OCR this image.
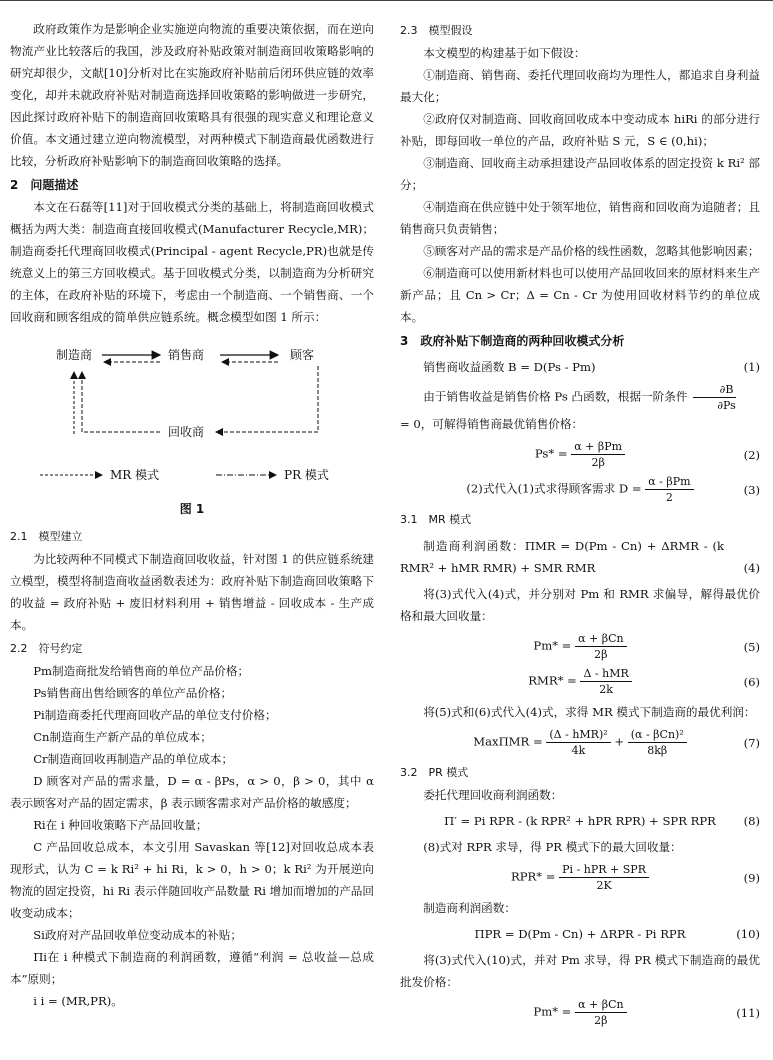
政府政策作为是影响企业实施逆向物流的重要决策依据，而在逆向物流产业比较落后的我国，涉及政府补贴政策对制造商回收策略影响的研究却很少，文献[10]分析对比在实施政府补贴前后闭环供应链的效率变化，却并未就政府补贴对制造商选择回收策略的影响做进一步研究，因此探讨政府补贴下的制造商回收策略具有很强的现实意义和理论意义价值。本文通过建立逆向物流模型，对两种模式下制造商最优函数进行比较，分析政府补贴影响下的制造商回收策略的选择。

2　问题描述

本文在石磊等[11]对于回收模式分类的基础上，将制造商回收模式概括为两大类：制造商直接回收模式(Manufacturer Recycle,MR)；制造商委托代理商回收模式(Principal - agent Recycle,PR)也就是传统意义上的第三方回收模式。基于回收模式分类，以制造商为分析研究的主体，在政府补贴的环境下，考虑由一个制造商、一个销售商、一个回收商和顾客组成的简单供应链系统。概念模型如图 1 所示：

制造商	销售商	顾客
回收商
MR 模式	PR 模式
图 1

2.1　模型建立

为比较两种不同模式下制造商回收收益，针对图 1 的供应链系统建立模型，模型将制造商收益函数表述为：政府补贴下制造商回收策略下的收益 = 政府补贴 + 废旧材料利用 + 销售增益 - 回收成本 - 生产成本。

2.2　符号约定

Pm制造商批发给销售商的单位产品价格；

Ps销售商出售给顾客的单位产品价格；

Pi制造商委托代理商回收产品的单位支付价格；

Cn制造商生产新产品的单位成本；

Cr制造商回收再制造产品的单位成本；

D 顾客对产品的需求量，D = α - βPs，α > 0，β > 0，其中 α 表示顾客对产品的固定需求，β 表示顾客需求对产品价格的敏感度；

Ri在 i 种回收策略下产品回收量；

C 产品回收总成本，本文引用 Savaskan 等[12]对回收总成本表现形式，认为 C = k Ri² + hi Ri，k > 0，h > 0；k Ri² 为开展逆向物流的固定投资，hi Ri 表示伴随回收产品数量 Ri 增加而增加的产品回收变动成本；

Si政府对产品回收单位变动成本的补贴；

Πi在 i 种模式下制造商的利润函数，遵循“利润 = 总收益—总成本”原则；

i i = (MR,PR)。

2.3　模型假设

本文模型的构建基于如下假设：

①制造商、销售商、委托代理回收商均为理性人，都追求自身利益最大化；

②政府仅对制造商、回收商回收成本中变动成本 hiRi 的部分进行补贴，即每回收一单位的产品，政府补贴 S 元，S ∈ (0,hi)；

③制造商、回收商主动承担建设产品回收体系的固定投资 k Ri² 部分；

④制造商在供应链中处于领军地位，销售商和回收商为追随者；且销售商只负责销售；

⑤顾客对产品的需求是产品价格的线性函数，忽略其他影响因素；

⑥制造商可以使用新材料也可以使用产品回收回来的原材料来生产新产品；且 Cn > Cr；Δ = Cn - Cr 为使用回收材料节约的单位成本。

3　政府补贴下制造商的两种回收模式分析

销售商收益函数 B = D(Ps - Pm)	(1)

由于销售收益是销售价格 Ps 凸函数，根据一阶条件 $\frac{\partial B}{\partial Ps}$

= 0，可解得销售商最优销售价格：

Ps* = α + βPm
2β
(2)
(2)式代入(1)式求得顾客需求 D = α - βPm
2
(3)

3.1　MR 模式

制造商利润函数：ΠMR = D(Pm - Cn) + ΔRMR - (k RMR² + hMR RMR) + SMR RMR	(4)

将(3)式代入(4)式，并分别对 Pm 和 RMR 求偏导，解得最优价格和最大回收量：

Pm* = α + βCn
2β
(5)
RMR* = Δ - hMR
2k
(6)

将(5)式和(6)式代入(4)式，求得 MR 模式下制造商的最优利润：

MaxΠMR = (Δ - hMR)²
4k
+ (α - βCn)²
8kβ
(7)

3.2　PR 模式

委托代理回收商利润函数：

Π′ = Pi RPR - (k RPR² + hPR RPR) + SPR RPR (8)

(8)式对 RPR 求导，得 PR 模式下的最大回收量：

RPR* = Pi - hPR + SPR
2K
(9)

制造商利润函数：

ΠPR = D(Pm - Cn) + ΔRPR - Pi RPR	(10)

将(3)式代入(10)式，并对 Pm 求导，得 PR 模式下制造商的最优批发价格：

Pm* = α + βCn
2β
(11)
